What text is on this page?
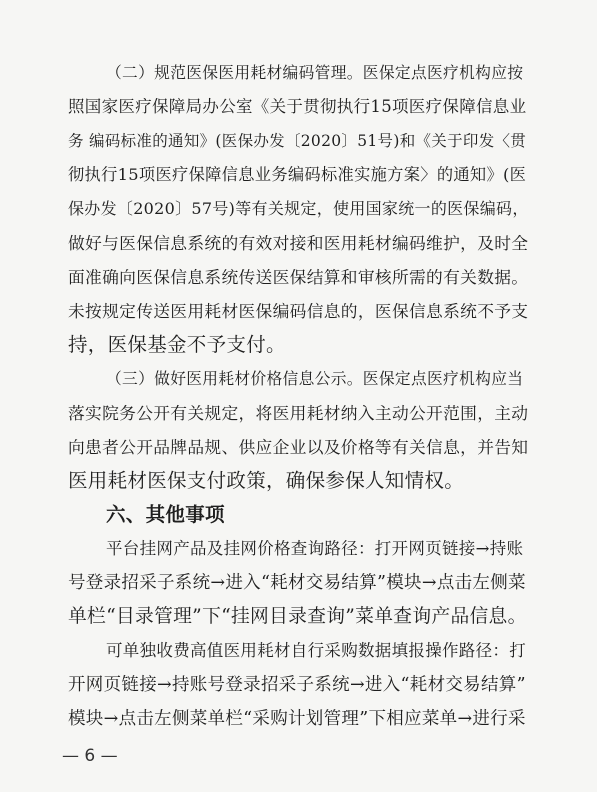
（二）规范医保医用耗材编码管理。医保定点医疗机构应按
照国家医疗保障局办公室《关于贯彻执行15项医疗保障信息业
务 编码标准的通知》(医保办发〔2020〕51号)和《关于印发〈贯
彻执行15项医疗保障信息业务编码标准实施方案〉的通知》(医
保办发〔2020〕57号)等有关规定，使用国家统一的医保编码，
做好与医保信息系统的有效对接和医用耗材编码维护，及时全
面准确向医保信息系统传送医保结算和审核所需的有关数据。
未按规定传送医用耗材医保编码信息的，医保信息系统不予支
持，医保基金不予支付。
（三）做好医用耗材价格信息公示。医保定点医疗机构应当
落实院务公开有关规定，将医用耗材纳入主动公开范围，主动
向患者公开品牌品规、供应企业以及价格等有关信息，并告知
医用耗材医保支付政策，确保参保人知情权。
六、其他事项
平台挂网产品及挂网价格查询路径：打开网页链接→持账
号登录招采子系统→进入“耗材交易结算”模块→点击左侧菜
单栏“目录管理”下“挂网目录查询”菜单查询产品信息。
可单独收费高值医用耗材自行采购数据填报操作路径：打
开网页链接→持账号登录招采子系统→进入“耗材交易结算”
模块→点击左侧菜单栏“采购计划管理”下相应菜单→进行采
— 6 —
